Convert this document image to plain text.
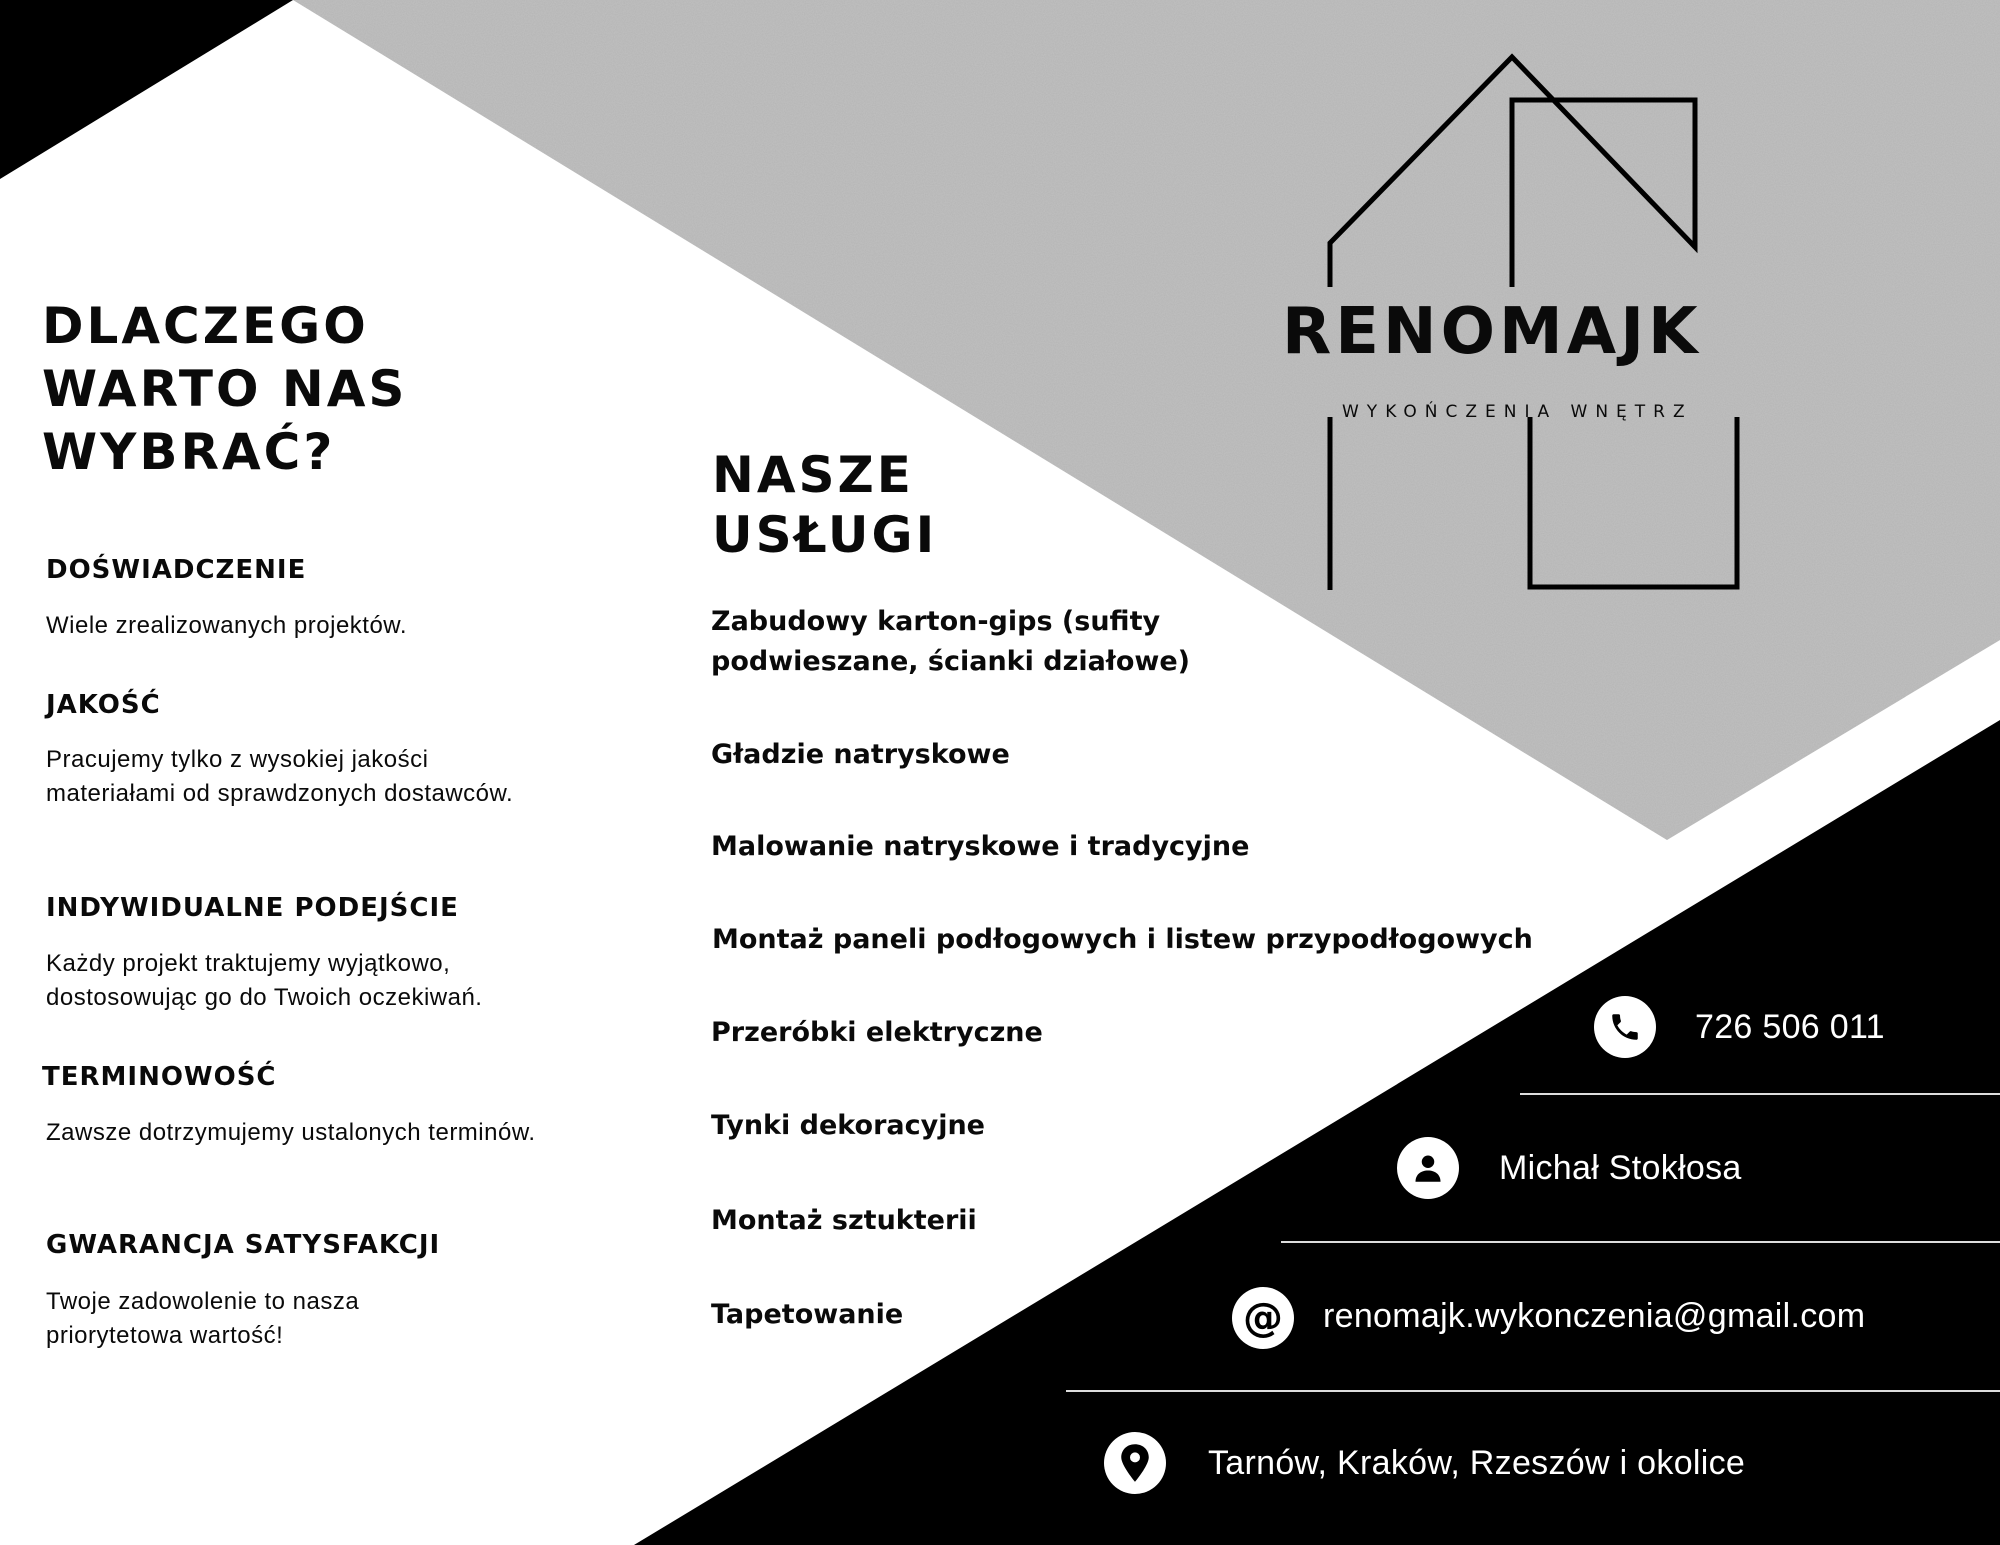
RENOMAJK
WYKOŃCZENIA WNĘTRZ
DLACZEGO
WARTO NAS
WYBRAĆ?
DOŚWIADCZENIE
Wiele zrealizowanych projektów.
JAKOŚĆ
Pracujemy tylko z wysokiej jakości materiałami od sprawdzonych dostawców.
INDYWIDUALNE PODEJŚCIE
Każdy projekt traktujemy wyjątkowo, dostosowując go do Twoich oczekiwań.
TERMINOWOŚĆ
Zawsze dotrzymujemy ustalonych terminów.
GWARANCJA SATYSFAKCJI
Twoje zadowolenie to nasza priorytetowa wartość!
NASZE
USŁUGI
Zabudowy karton-gips (sufity podwieszane, ścianki działowe)
Gładzie natryskowe
Malowanie natryskowe i tradycyjne
Montaż paneli podłogowych i listew przypodłogowych
Przeróbki elektryczne
Tynki dekoracyjne
Montaż sztukterii
Tapetowanie
726 506 011
Michał Stokłosa
@ renomajk.wykonczenia@gmail.com
Tarnów, Kraków, Rzeszów i okolice
